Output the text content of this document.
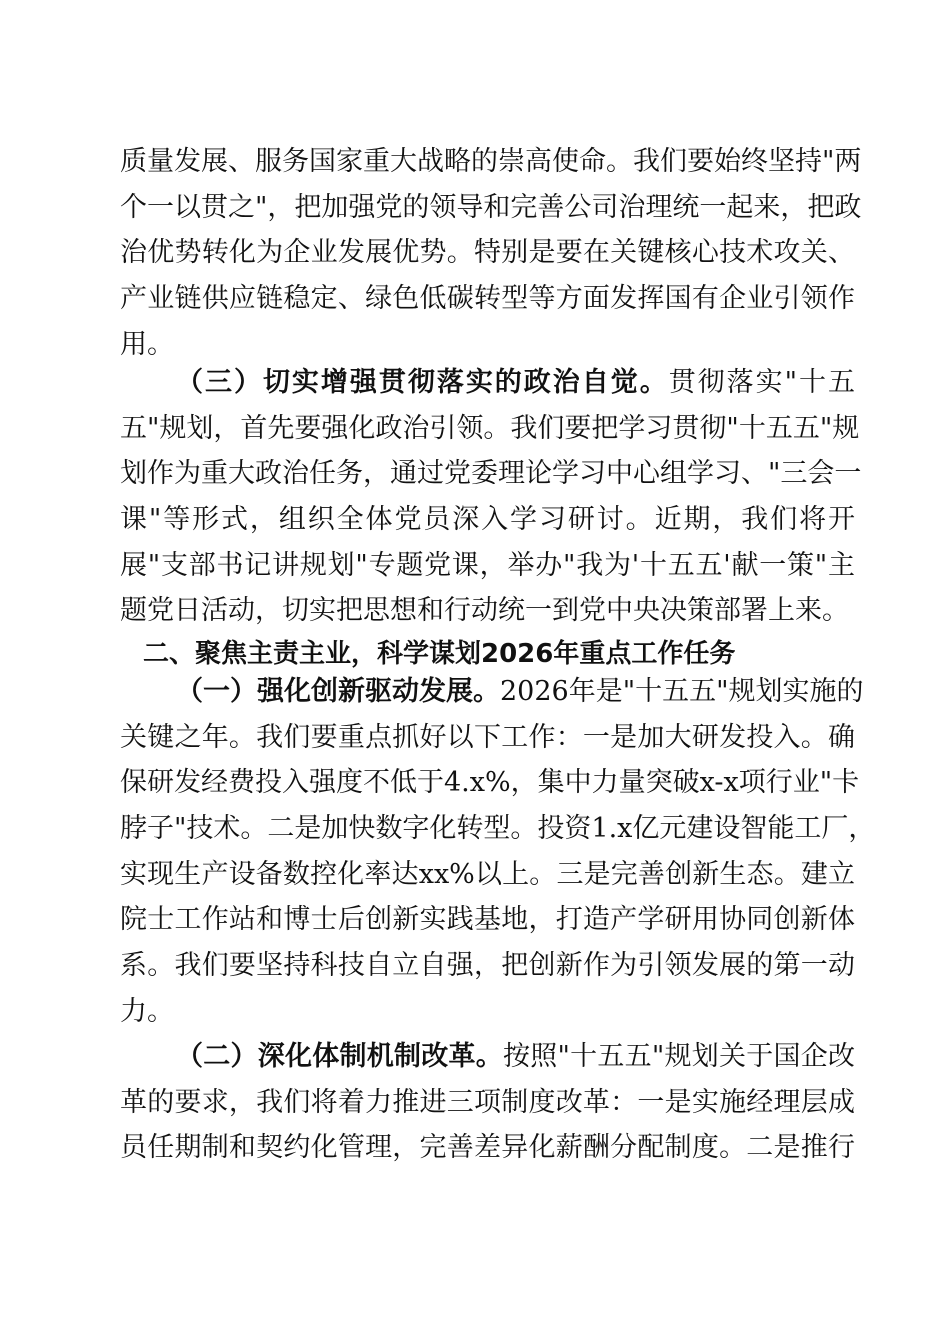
质量发展、服务国家重大战略的崇高使命。我们要始终坚持"两
个一以贯之"，把加强党的领导和完善公司治理统一起来，把政
治优势转化为企业发展优势。特别是要在关键核心技术攻关、
产业链供应链稳定、绿色低碳转型等方面发挥国有企业引领作
用。
（三）切实增强贯彻落实的政治自觉。贯彻落实"十五
五"规划，首先要强化政治引领。我们要把学习贯彻"十五五"规
划作为重大政治任务，通过党委理论学习中心组学习、"三会一
课"等形式，组织全体党员深入学习研讨。近期，我们将开
展"支部书记讲规划"专题党课，举办"我为'十五五'献一策"主
题党日活动，切实把思想和行动统一到党中央决策部署上来。
二、聚焦主责主业，科学谋划2026年重点工作任务
（一）强化创新驱动发展。2026年是"十五五"规划实施的
关键之年。我们要重点抓好以下工作：一是加大研发投入。确
保研发经费投入强度不低于4.x%，集中力量突破x-x项行业"卡
脖子"技术。二是加快数字化转型。投资1.x亿元建设智能工厂，
实现生产设备数控化率达xx%以上。三是完善创新生态。建立
院士工作站和博士后创新实践基地，打造产学研用协同创新体
系。我们要坚持科技自立自强，把创新作为引领发展的第一动
力。
（二）深化体制机制改革。按照"十五五"规划关于国企改
革的要求，我们将着力推进三项制度改革：一是实施经理层成
员任期制和契约化管理，完善差异化薪酬分配制度。二是推行
